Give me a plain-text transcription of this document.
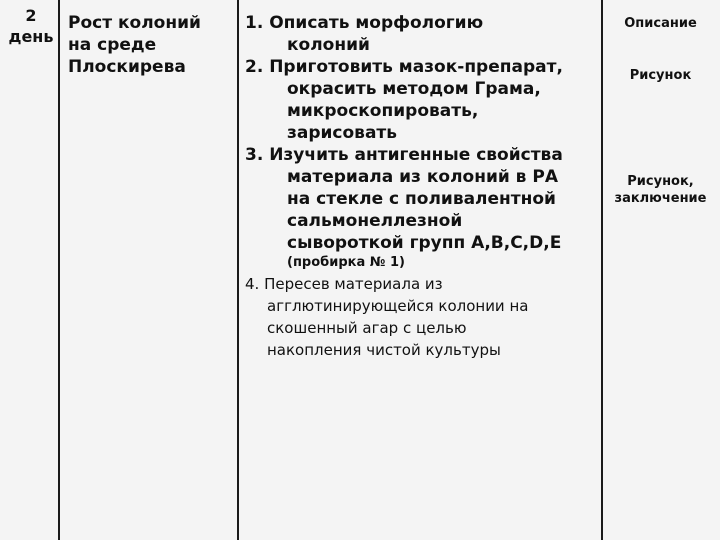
2
день
Рост колоний
на среде
Плоскирева
1. Описать морфологию
колоний
2. Приготовить мазок-препарат,
окрасить методом Грама,
микроскопировать,
зарисовать
3. Изучить антигенные свойства
материала из колоний в РА
на стекле с поливалентной
сальмонеллезной
сывороткой групп А,В,С,D,Е
(пробирка № 1)
4. Пересев материала из
агглютинирующейся колонии на
скошенный агар с целью
накопления чистой культуры
Описание
Рисунок
Рисунок,
заключение
